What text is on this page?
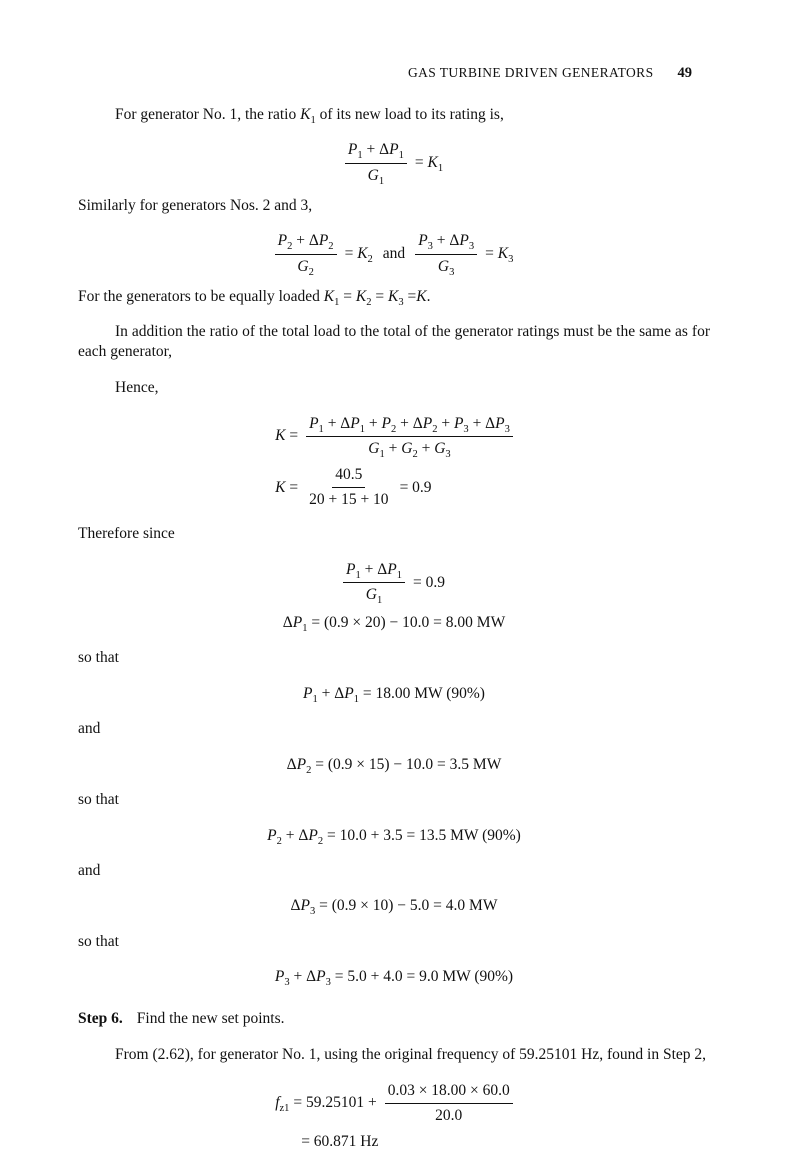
GAS TURBINE DRIVEN GENERATORS 49

For generator No. 1, the ratio $K_1$ of its new load to its rating is,

$\frac{P_1 + \Delta P_1}{G_1} = K_1$

Similarly for generators Nos. 2 and 3,

$\frac{P_2 + \Delta P_2}{G_2} = K_2$ and $\frac{P_3 + \Delta P_3}{G_3} = K_3$

For the generators to be equally loaded $K_1 = K_2 = K_3 =K$.

In addition the ratio of the total load to the total of the generator ratings must be the same as for each generator,

Hence,

$K = \frac{P_1 + \Delta P_1 + P_2 + \Delta P_2 + P_3 + \Delta P_3}{G_1 + G_2 + G_3}$
$K = \frac{40.5}{20 + 15 + 10} = 0.9$

Therefore since

$\frac{P_1 + \Delta P_1}{G_1} = 0.9$
$\Delta P_1 = (0.9 \times 20) - 10.0 = 8.00$ MW

so that

$P_1 + \Delta P_1 = 18.00$ MW (90%)

and

$\Delta P_2 = (0.9 \times 15) - 10.0 = 3.5$ MW

so that

$P_2 + \Delta P_2 = 10.0 + 3.5 = 13.5$ MW (90%)

and

$\Delta P_3 = (0.9 \times 10) - 5.0 = 4.0$ MW

so that

$P_3 + \Delta P_3 = 5.0 + 4.0 = 9.0$ MW (90%)

Step 6. Find the new set points.

From (2.62), for generator No. 1, using the original frequency of 59.25101 Hz, found in Step 2,

$f_{z1} = 59.25101 + \frac{0.03 \times 18.00 \times 60.0}{20.0}$
= 60.871 Hz
